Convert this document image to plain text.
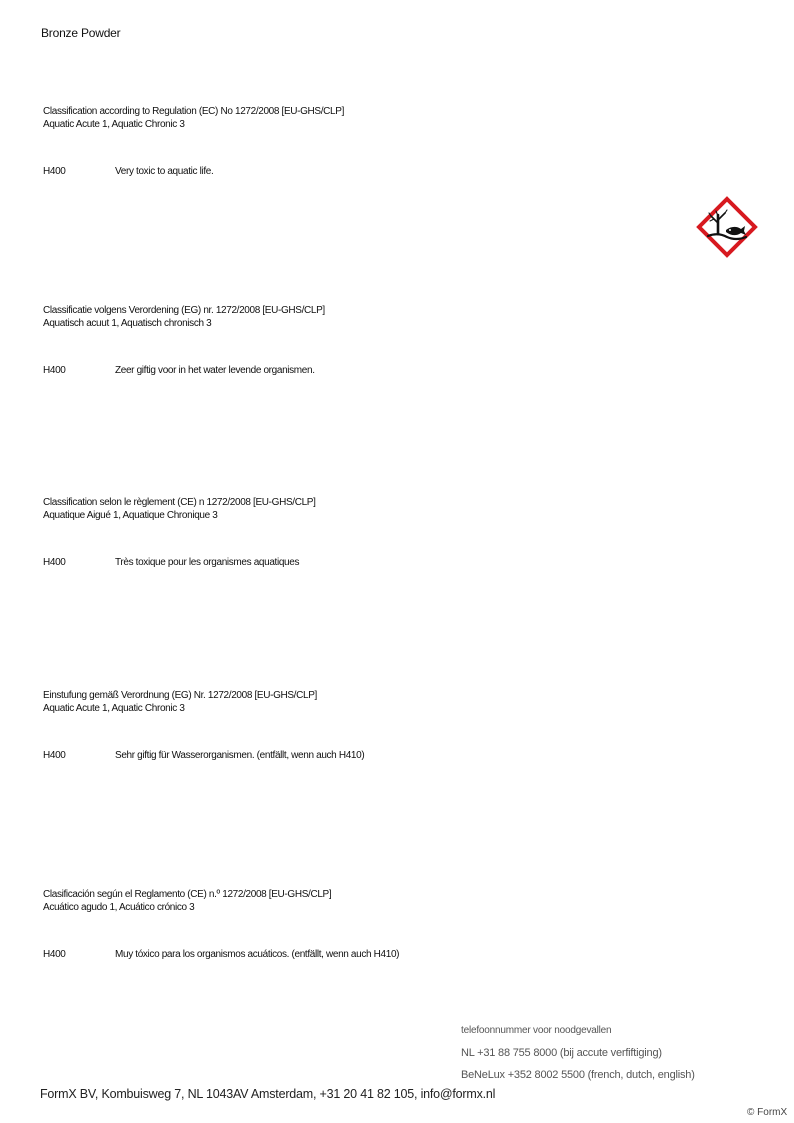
Bronze Powder
Classification according to Regulation (EC) No 1272/2008 [EU-GHS/CLP]
Aquatic Acute 1, Aquatic Chronic 3
H400	Very toxic to aquatic life.
Classificatie volgens Verordening (EG) nr. 1272/2008 [EU-GHS/CLP]
Aquatisch acuut 1, Aquatisch chronisch 3
H400	Zeer giftig voor in het water levende organismen.
Classification selon le règlement (CE) n 1272/2008 [EU-GHS/CLP]
Aquatique Aigué 1, Aquatique Chronique 3
H400	Très toxique pour les organismes aquatiques
Einstufung gemäß Verordnung (EG) Nr. 1272/2008 [EU-GHS/CLP]
Aquatic Acute 1, Aquatic Chronic 3
H400	Sehr giftig für Wasserorganismen. (entfällt, wenn auch H410)
Clasificación según el Reglamento (CE) n.º 1272/2008 [EU-GHS/CLP]
Acuático agudo 1, Acuático crónico 3
H400	Muy tóxico para los organismos acuáticos. (entfällt, wenn auch H410)
telefoonnummer voor noodgevallen
NL +31 88 755 8000 (bij accute verfiftiging)
BeNeLux +352 8002 5500 (french, dutch, english)
FormX BV, Kombuisweg 7, NL 1043AV Amsterdam, +31 20 41 82 105, info@formx.nl
© FormX
